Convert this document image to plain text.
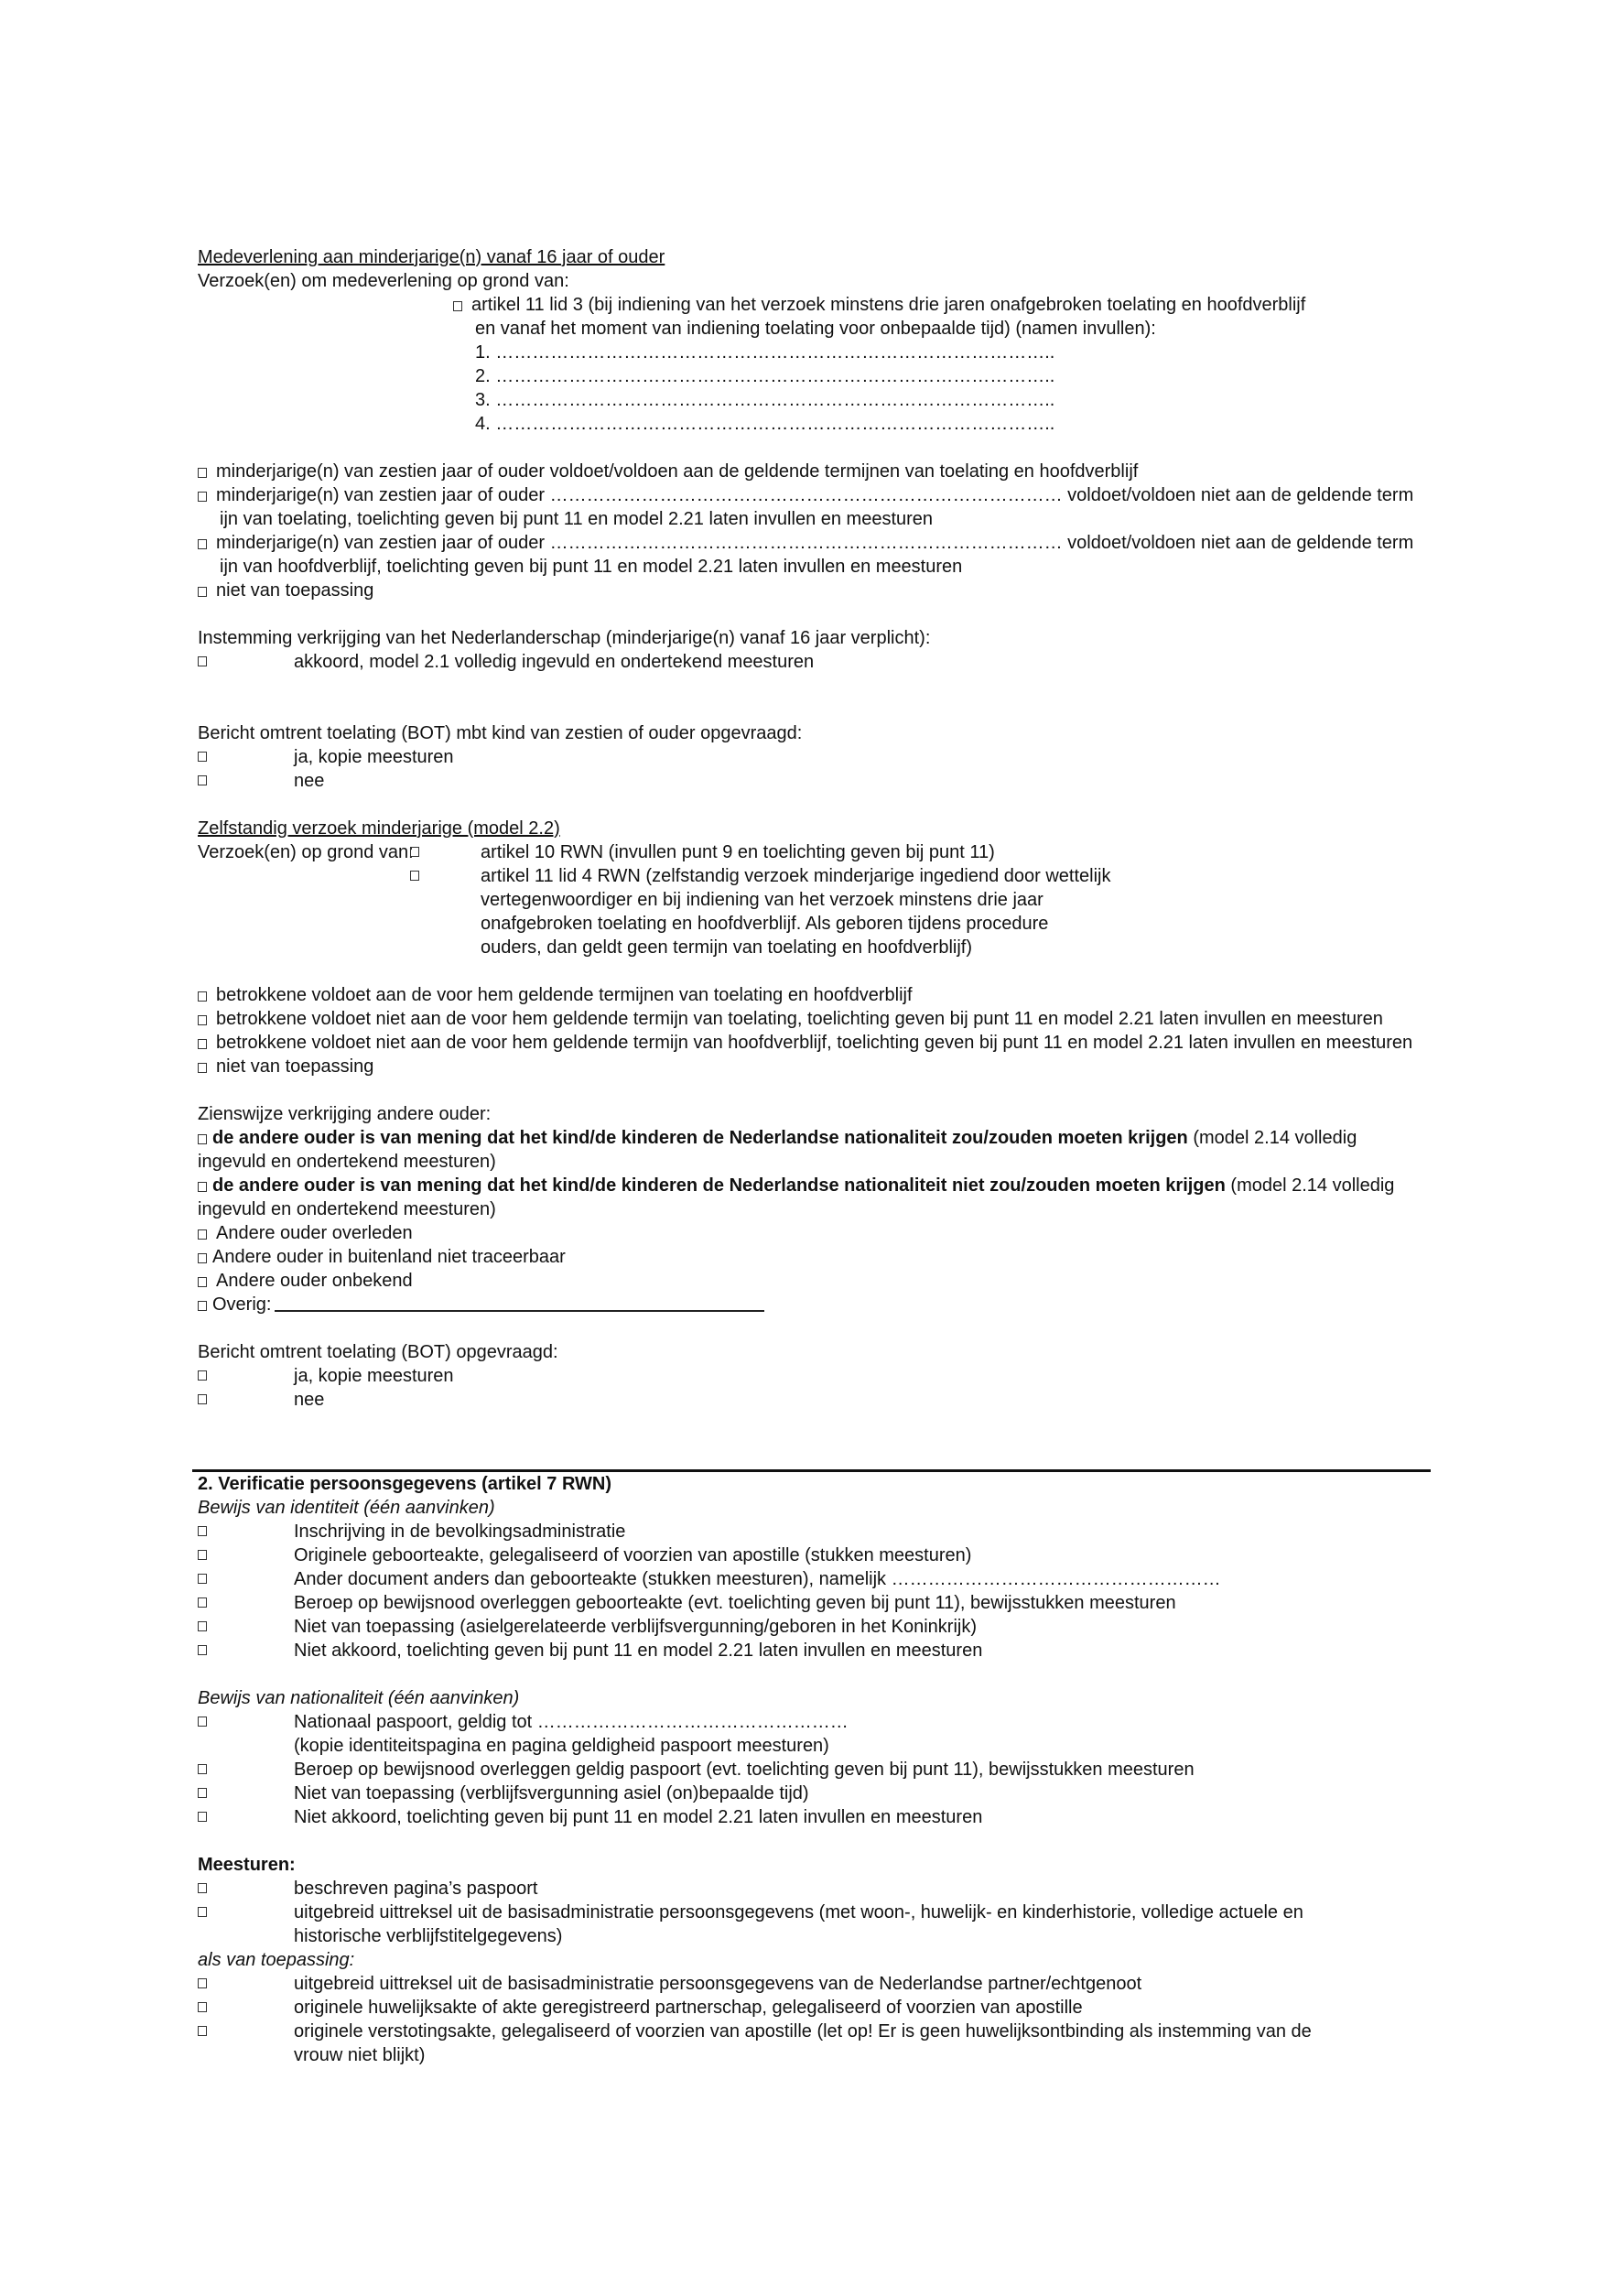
Medeverlening aan minderjarige(n) vanaf 16 jaar of ouder
Verzoek(en) om medeverlening op grond van:
artikel 11 lid 3 (bij indiening van het verzoek minstens drie jaren onafgebroken toelating en hoofdverblijf
en vanaf het moment van indiening toelating voor onbepaalde tijd) (namen invullen):
1. ………………………………………………………………………………..
2. ………………………………………………………………………………..
3. ………………………………………………………………………………..
4. ………………………………………………………………………………..
minderjarige(n) van zestien jaar of ouder voldoet/voldoen aan de geldende termijnen van toelating en hoofdverblijf
minderjarige(n) van zestien jaar of ouder ………………………………………………………………………… voldoet/voldoen niet aan de geldende termijn van toelating, toelichting geven bij punt 11 en model 2.21 laten invullen en meesturen
minderjarige(n) van zestien jaar of ouder ………………………………………………………………………… voldoet/voldoen niet aan de geldende termijn van hoofdverblijf, toelichting geven bij punt 11 en model 2.21 laten invullen en meesturen
niet van toepassing
Instemming verkrijging van het Nederlanderschap (minderjarige(n) vanaf 16 jaar verplicht):
akkoord, model 2.1 volledig ingevuld en ondertekend meesturen
Bericht omtrent toelating (BOT) mbt kind van zestien of ouder opgevraagd:
ja, kopie meesturen
nee
Zelfstandig verzoek minderjarige (model 2.2)
Verzoek(en) op grond van:	artikel 10 RWN (invullen punt 9 en toelichting geven bij punt 11)
artikel 11 lid 4 RWN (zelfstandig verzoek minderjarige ingediend door wettelijk vertegenwoordiger en bij indiening van het verzoek minstens drie jaar onafgebroken toelating en hoofdverblijf. Als geboren tijdens procedure ouders, dan geldt geen termijn van toelating en hoofdverblijf)
betrokkene voldoet aan de voor hem geldende termijnen van toelating en hoofdverblijf
betrokkene voldoet niet aan de voor hem geldende termijn van toelating, toelichting geven bij punt 11 en model 2.21 laten invullen en meesturen
betrokkene voldoet niet aan de voor hem geldende termijn van hoofdverblijf, toelichting geven bij punt 11 en model 2.21 laten invullen en meesturen
niet van toepassing
Zienswijze verkrijging andere ouder:
de andere ouder is van mening dat het kind/de kinderen de Nederlandse nationaliteit zou/zouden moeten krijgen (model 2.14 volledig ingevuld en ondertekend meesturen)
de andere ouder is van mening dat het kind/de kinderen de Nederlandse nationaliteit niet zou/zouden moeten krijgen (model 2.14 volledig ingevuld en ondertekend meesturen)
Andere ouder overleden
Andere ouder in buitenland niet traceerbaar
Andere ouder onbekend
Overig:
Bericht omtrent toelating (BOT) opgevraagd:
ja, kopie meesturen
nee
2. Verificatie persoonsgegevens (artikel 7 RWN)
Bewijs van identiteit (één aanvinken)
Inschrijving in de bevolkingsadministratie
Originele geboorteakte, gelegaliseerd of voorzien van apostille (stukken meesturen)
Ander document anders dan geboorteakte (stukken meesturen), namelijk ………………………………………………
Beroep op bewijsnood overleggen geboorteakte (evt. toelichting geven bij punt 11), bewijsstukken meesturen
Niet van toepassing (asielgerelateerde verblijfsvergunning/geboren in het Koninkrijk)
Niet akkoord, toelichting geven bij punt 11 en model 2.21 laten invullen en meesturen
Bewijs van nationaliteit (één aanvinken)
Nationaal paspoort, geldig tot ……………………………………………
(kopie identiteitspagina en pagina geldigheid paspoort meesturen)
Beroep op bewijsnood overleggen geldig paspoort (evt. toelichting geven bij punt 11), bewijsstukken meesturen
Niet van toepassing (verblijfsvergunning asiel (on)bepaalde tijd)
Niet akkoord, toelichting geven bij punt 11 en model 2.21 laten invullen en meesturen
Meesturen:
beschreven pagina’s paspoort
uitgebreid uittreksel uit de basisadministratie persoonsgegevens (met woon-, huwelijk- en kinderhistorie, volledige actuele en historische verblijfstitelgegevens)
als van toepassing:
uitgebreid uittreksel uit de basisadministratie persoonsgegevens van de Nederlandse partner/echtgenoot
originele huwelijksakte of akte geregistreerd partnerschap, gelegaliseerd of voorzien van apostille
originele verstotingsakte, gelegaliseerd of voorzien van apostille (let op! Er is geen huwelijksontbinding als instemming van de vrouw niet blijkt)
